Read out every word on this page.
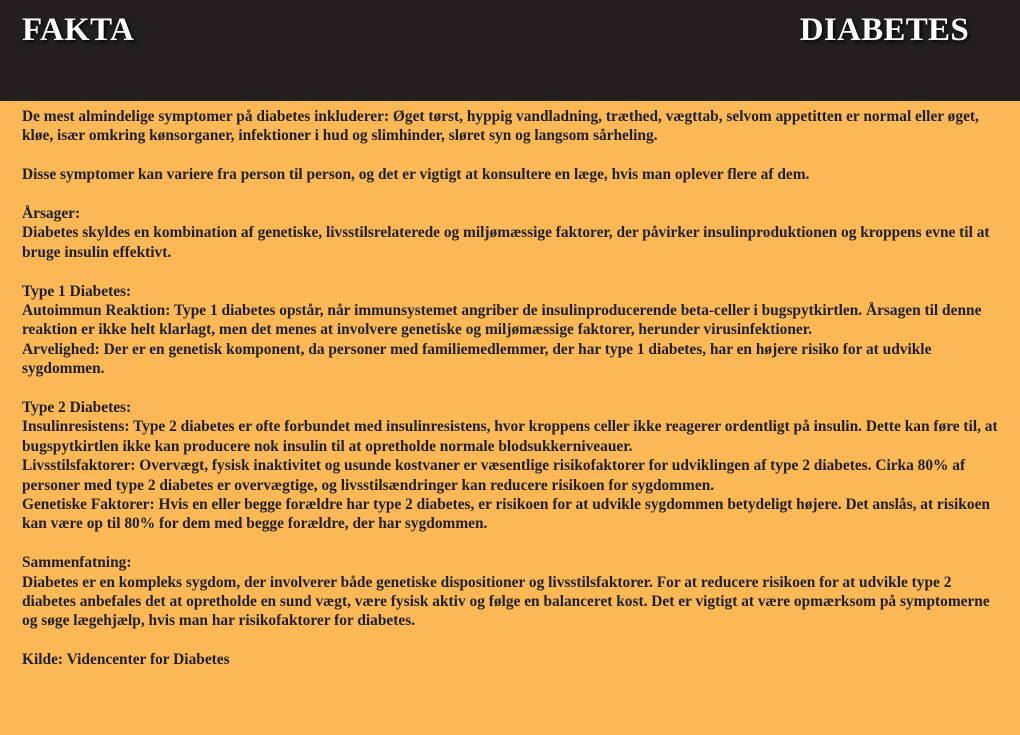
FAKTA	DIABETES

De mest almindelige symptomer på diabetes inkluderer: Øget tørst, hyppig vandladning, træthed, vægttab, selvom appetitten er normal eller øget, kløe, især omkring kønsorganer, infektioner i hud og slimhinder, sløret syn og langsom sårheling.

Disse symptomer kan variere fra person til person, og det er vigtigt at konsultere en læge, hvis man oplever flere af dem.

Årsager:

Diabetes skyldes en kombination af genetiske, livsstilsrelaterede og miljømæssige faktorer, der påvirker insulinproduktionen og kroppens evne til at bruge insulin effektivt.

Type 1 Diabetes:

Autoimmun Reaktion: Type 1 diabetes opstår, når immunsystemet angriber de insulinproducerende beta-celler i bugspytkirtlen. Årsagen til denne reaktion er ikke helt klarlagt, men det menes at involvere genetiske og miljømæssige faktorer, herunder virusinfektioner.

Arvelighed: Der er en genetisk komponent, da personer med familiemedlemmer, der har type 1 diabetes, har en højere risiko for at udvikle sygdommen.

Type 2 Diabetes:

Insulinresistens: Type 2 diabetes er ofte forbundet med insulinresistens, hvor kroppens celler ikke reagerer ordentligt på insulin. Dette kan føre til, at bugspytkirtlen ikke kan producere nok insulin til at opretholde normale blodsukkerniveauer.

Livsstilsfaktorer: Overvægt, fysisk inaktivitet og usunde kostvaner er væsentlige risikofaktorer for udviklingen af type 2 diabetes. Cirka 80% af personer med type 2 diabetes er overvægtige, og livsstilsændringer kan reducere risikoen for sygdommen.

Genetiske Faktorer: Hvis en eller begge forældre har type 2 diabetes, er risikoen for at udvikle sygdommen betydeligt højere. Det anslås, at risikoen kan være op til 80% for dem med begge forældre, der har sygdommen.

Sammenfatning:

Diabetes er en kompleks sygdom, der involverer både genetiske dispositioner og livsstilsfaktorer. For at reducere risikoen for at udvikle type 2 diabetes anbefales det at opretholde en sund vægt, være fysisk aktiv og følge en balanceret kost. Det er vigtigt at være opmærksom på symptomerne og søge lægehjælp, hvis man har risikofaktorer for diabetes.

Kilde: Videncenter for Diabetes
